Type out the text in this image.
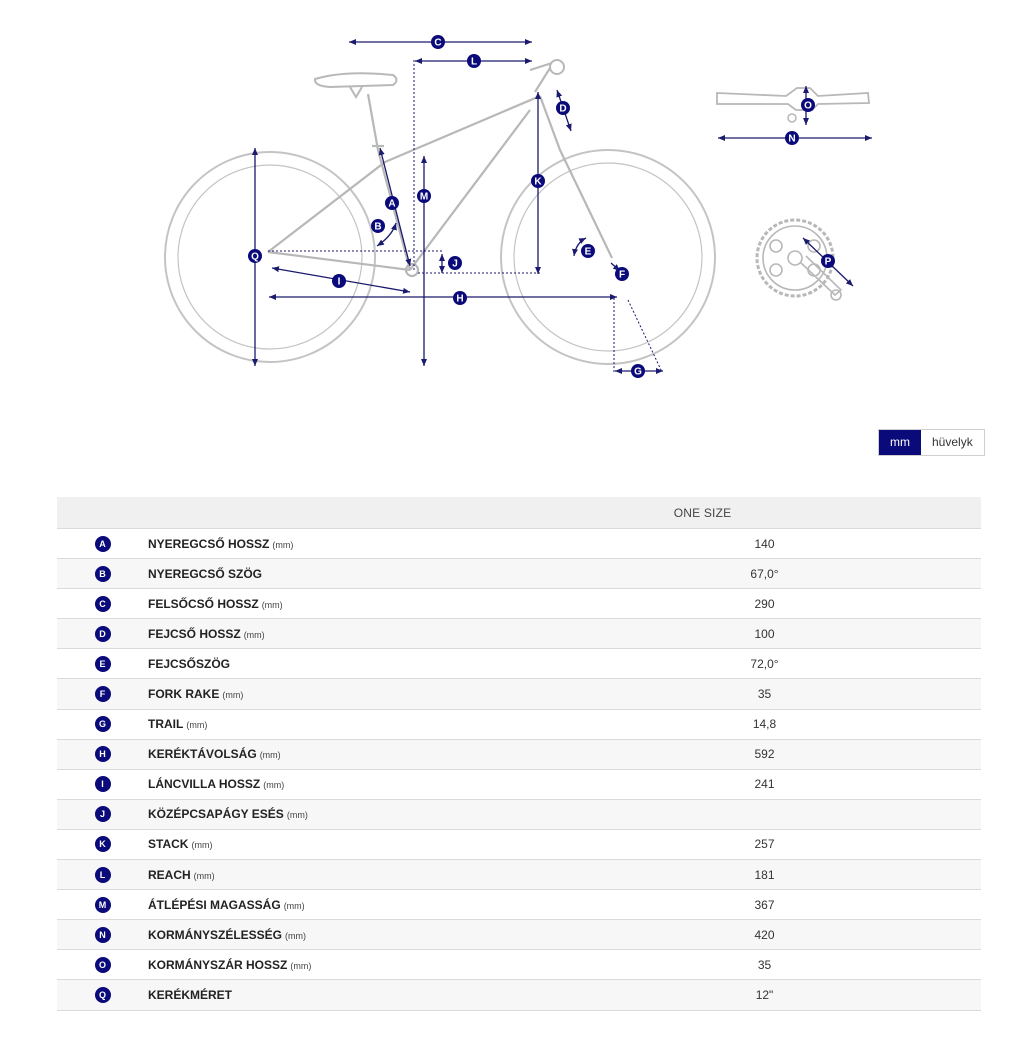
C
L
D
K
M
A
B
Q
J
I
H
E
F
G
O
N
P
mm	hüvelyk
		ONE SIZE
A	NYEREGCSŐ HOSSZ (mm)	140
B	NYEREGCSŐ SZÖG	67,0°
C	FELSŐCSŐ HOSSZ (mm)	290
D	FEJCSŐ HOSSZ (mm)	100
E	FEJCSŐSZÖG	72,0°
F	FORK RAKE (mm)	35
G	TRAIL (mm)	14,8
H	KERÉKTÁVOLSÁG (mm)	592
I	LÁNCVILLA HOSSZ (mm)	241
J	KÖZÉPCSAPÁGY ESÉS (mm)	
K	STACK (mm)	257
L	REACH (mm)	181
M	ÁTLÉPÉSI MAGASSÁG (mm)	367
N	KORMÁNYSZÉLESSÉG (mm)	420
O	KORMÁNYSZÁR HOSSZ (mm)	35
Q	KERÉKMÉRET	12"
